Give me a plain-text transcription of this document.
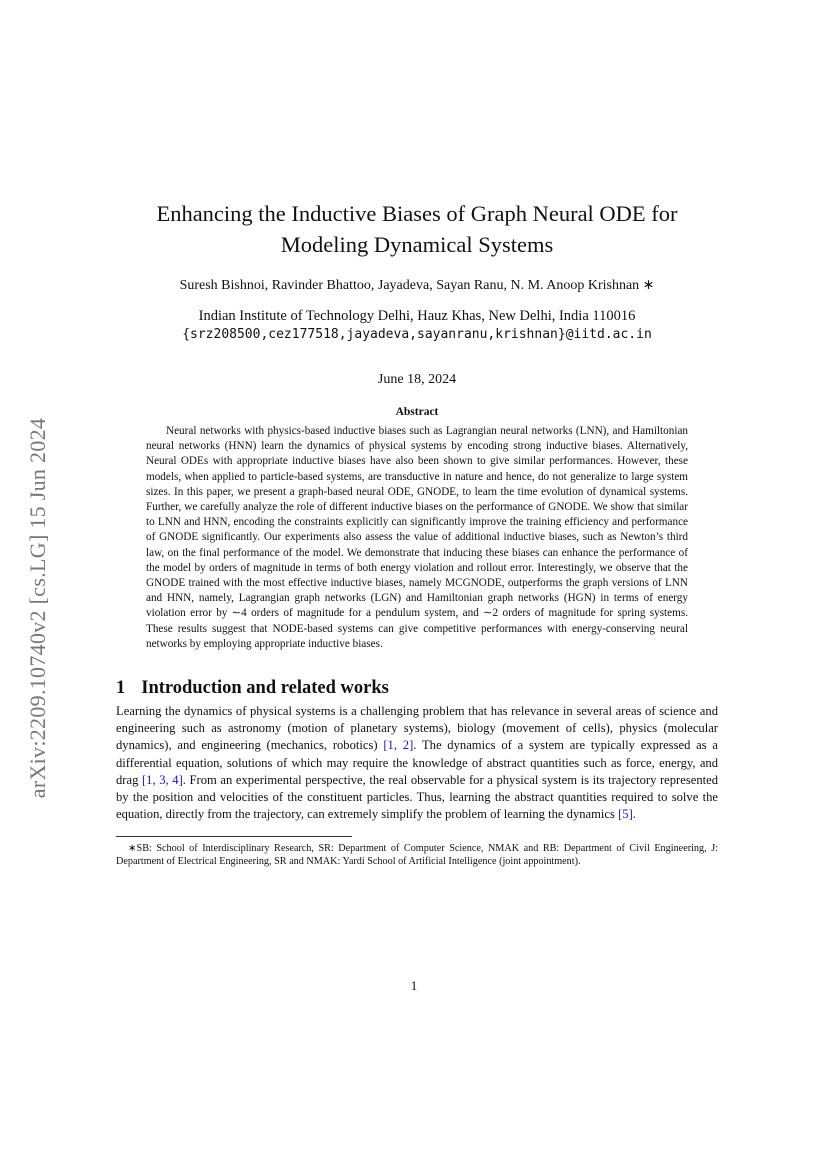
arXiv:2209.10740v2 [cs.LG] 15 Jun 2024
Enhancing the Inductive Biases of Graph Neural ODE for Modeling Dynamical Systems
Suresh Bishnoi, Ravinder Bhattoo, Jayadeva, Sayan Ranu, N. M. Anoop Krishnan ∗
Indian Institute of Technology Delhi, Hauz Khas, New Delhi, India 110016
{srz208500,cez177518,jayadeva,sayanranu,krishnan}@iitd.ac.in
June 18, 2024
Abstract

Neural networks with physics-based inductive biases such as Lagrangian neural networks (LNN), and Hamiltonian neural networks (HNN) learn the dynamics of physical systems by encoding strong inductive biases. Alternatively, Neural ODEs with appropriate inductive biases have also been shown to give similar performances. However, these models, when applied to particle-based systems, are transductive in nature and hence, do not generalize to large system sizes. In this paper, we present a graph-based neural ODE, GNODE, to learn the time evolution of dynamical systems. Further, we carefully analyze the role of different inductive biases on the performance of GNODE. We show that similar to LNN and HNN, encoding the constraints explicitly can significantly improve the training efficiency and performance of GNODE significantly. Our experiments also assess the value of additional inductive biases, such as Newton’s third law, on the final performance of the model. We demonstrate that inducing these biases can enhance the performance of the model by orders of magnitude in terms of both energy violation and rollout error. Interestingly, we observe that the GNODE trained with the most effective inductive biases, namely MCGNODE, outperforms the graph versions of LNN and HNN, namely, Lagrangian graph networks (LGN) and Hamiltonian graph networks (HGN) in terms of energy violation error by ∼4 orders of magnitude for a pendulum system, and ∼2 orders of magnitude for spring systems. These results suggest that NODE-based systems can give competitive performances with energy-conserving neural networks by employing appropriate inductive biases.

1 Introduction and related works

Learning the dynamics of physical systems is a challenging problem that has relevance in several areas of science and engineering such as astronomy (motion of planetary systems), biology (movement of cells), physics (molecular dynamics), and engineering (mechanics, robotics) [1, 2]. The dynamics of a system are typically expressed as a differential equation, solutions of which may require the knowledge of abstract quantities such as force, energy, and drag [1, 3, 4]. From an experimental perspective, the real observable for a physical system is its trajectory represented by the position and velocities of the constituent particles. Thus, learning the abstract quantities required to solve the equation, directly from the trajectory, can extremely simplify the problem of learning the dynamics [5].

∗SB: School of Interdisciplinary Research, SR: Department of Computer Science, NMAK and RB: Department of Civil Engineering, J: Department of Electrical Engineering, SR and NMAK: Yardi School of Artificial Intelligence (joint appointment).

1
